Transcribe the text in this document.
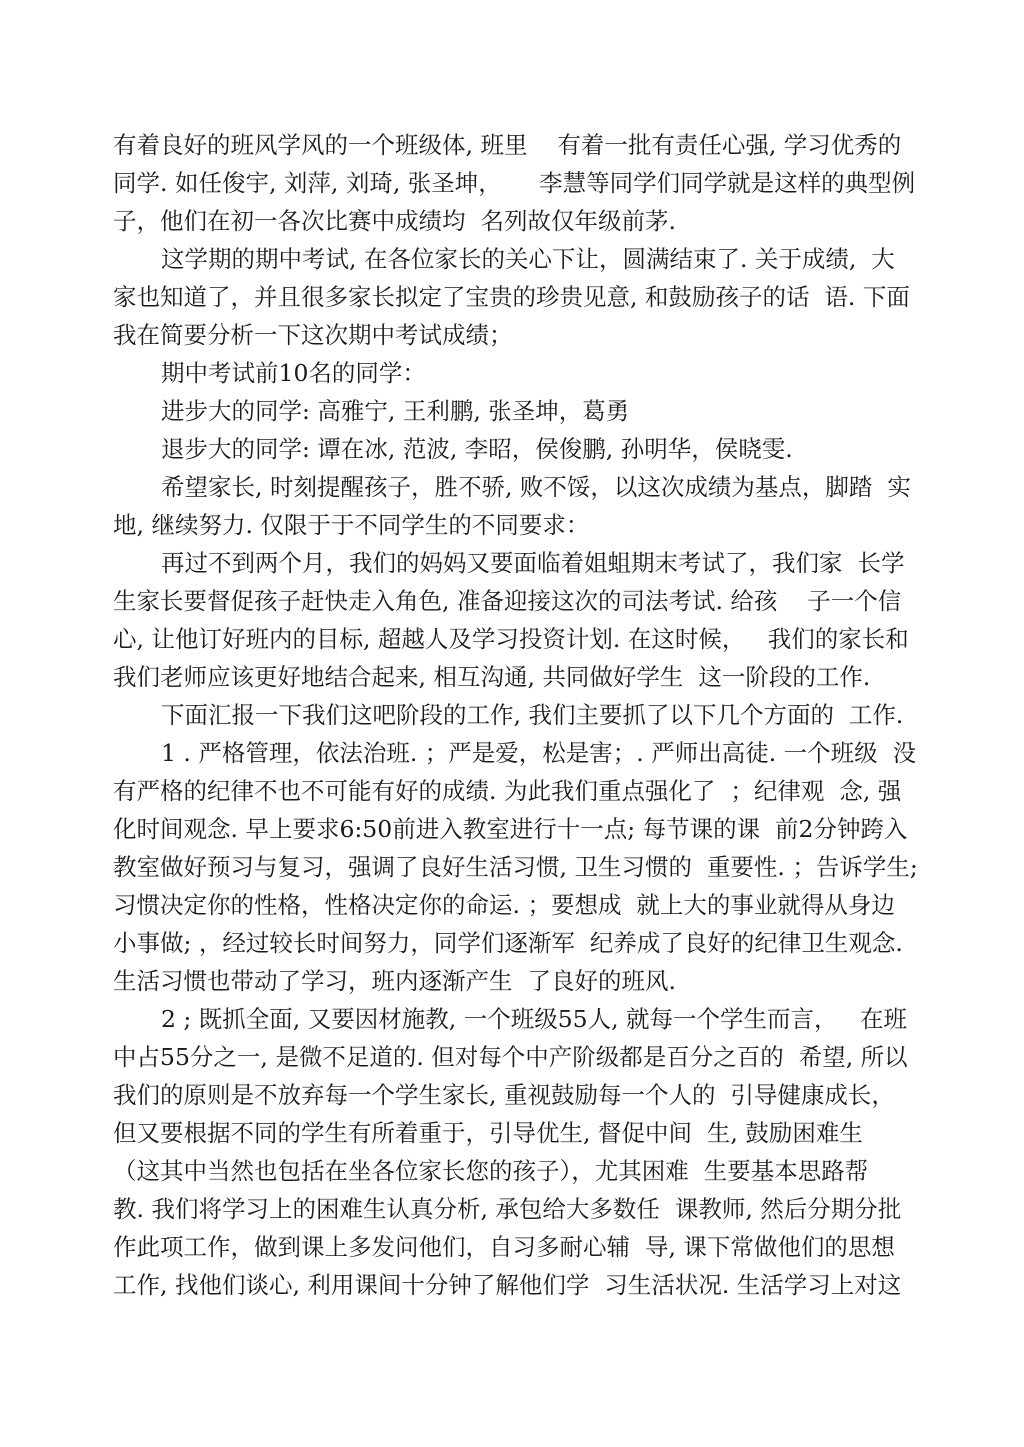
有着良好的班风学风的一个班级体, 班里    有着一批有责任心强, 学习优秀的
同学. 如任俊宇, 刘萍, 刘琦, 张圣坤，     李慧等同学们同学就是这样的典型例
子，他们在初一各次比赛中成绩均  名列故仅年级前茅.
这学期的期中考试, 在各位家长的关心下让，圆满结束了. 关于成绩,  大
家也知道了，并且很多家长拟定了宝贵的珍贵见意, 和鼓励孩子的话  语. 下面
我在简要分析一下这次期中考试成绩；
期中考试前10名的同学：
进步大的同学: 高雅宁, 王利鹏, 张圣坤，葛勇
退步大的同学: 谭在冰, 范波, 李昭，侯俊鹏, 孙明华，侯晓雯.
希望家长, 时刻提醒孩子，胜不骄, 败不馁，以这次成绩为基点，脚踏  实
地, 继续努力. 仅限于于不同学生的不同要求：
再过不到两个月，我们的妈妈又要面临着姐蛆期末考试了，我们家  长学
生家长要督促孩子赶快走入角色, 准备迎接这次的司法考试. 给孩    子一个信
心, 让他订好班内的目标, 超越人及学习投资计划. 在这时候，   我们的家长和
我们老师应该更好地结合起来, 相互沟通, 共同做好学生  这一阶段的工作.
下面汇报一下我们这吧阶段的工作, 我们主要抓了以下几个方面的  工作.
1 . 严格管理，依法治班. ；严是爱，松是害；. 严师出高徒. 一个班级  没
有严格的纪律不也不可能有好的成绩. 为此我们重点强化了  ；纪律观  念, 强
化时间观念. 早上要求6:50前进入教室进行十一点; 每节课的课  前2分钟跨入
教室做好预习与复习，强调了良好生活习惯, 卫生习惯的  重要性. ；告诉学生;
习惯决定你的性格，性格决定你的命运. ；要想成  就上大的事业就得从身边
小事做; ，经过较长时间努力，同学们逐渐军  纪养成了良好的纪律卫生观念.
生活习惯也带动了学习，班内逐渐产生  了良好的班风.
2 ; 既抓全面, 又要因材施教, 一个班级55人, 就每一个学生而言，   在班
中占55分之一, 是微不足道的. 但对每个中产阶级都是百分之百的  希望, 所以
我们的原则是不放弃每一个学生家长, 重视鼓励每一个人的  引导健康成长，
但又要根据不同的学生有所着重于，引导优生, 督促中间  生, 鼓励困难生
（这其中当然也包括在坐各位家长您的孩子），尤其困难  生要基本思路帮
教. 我们将学习上的困难生认真分析, 承包给大多数任  课教师, 然后分期分批
作此项工作，做到课上多发问他们，自习多耐心辅  导, 课下常做他们的思想
工作, 找他们谈心, 利用课间十分钟了解他们学  习生活状况. 生活学习上对这
